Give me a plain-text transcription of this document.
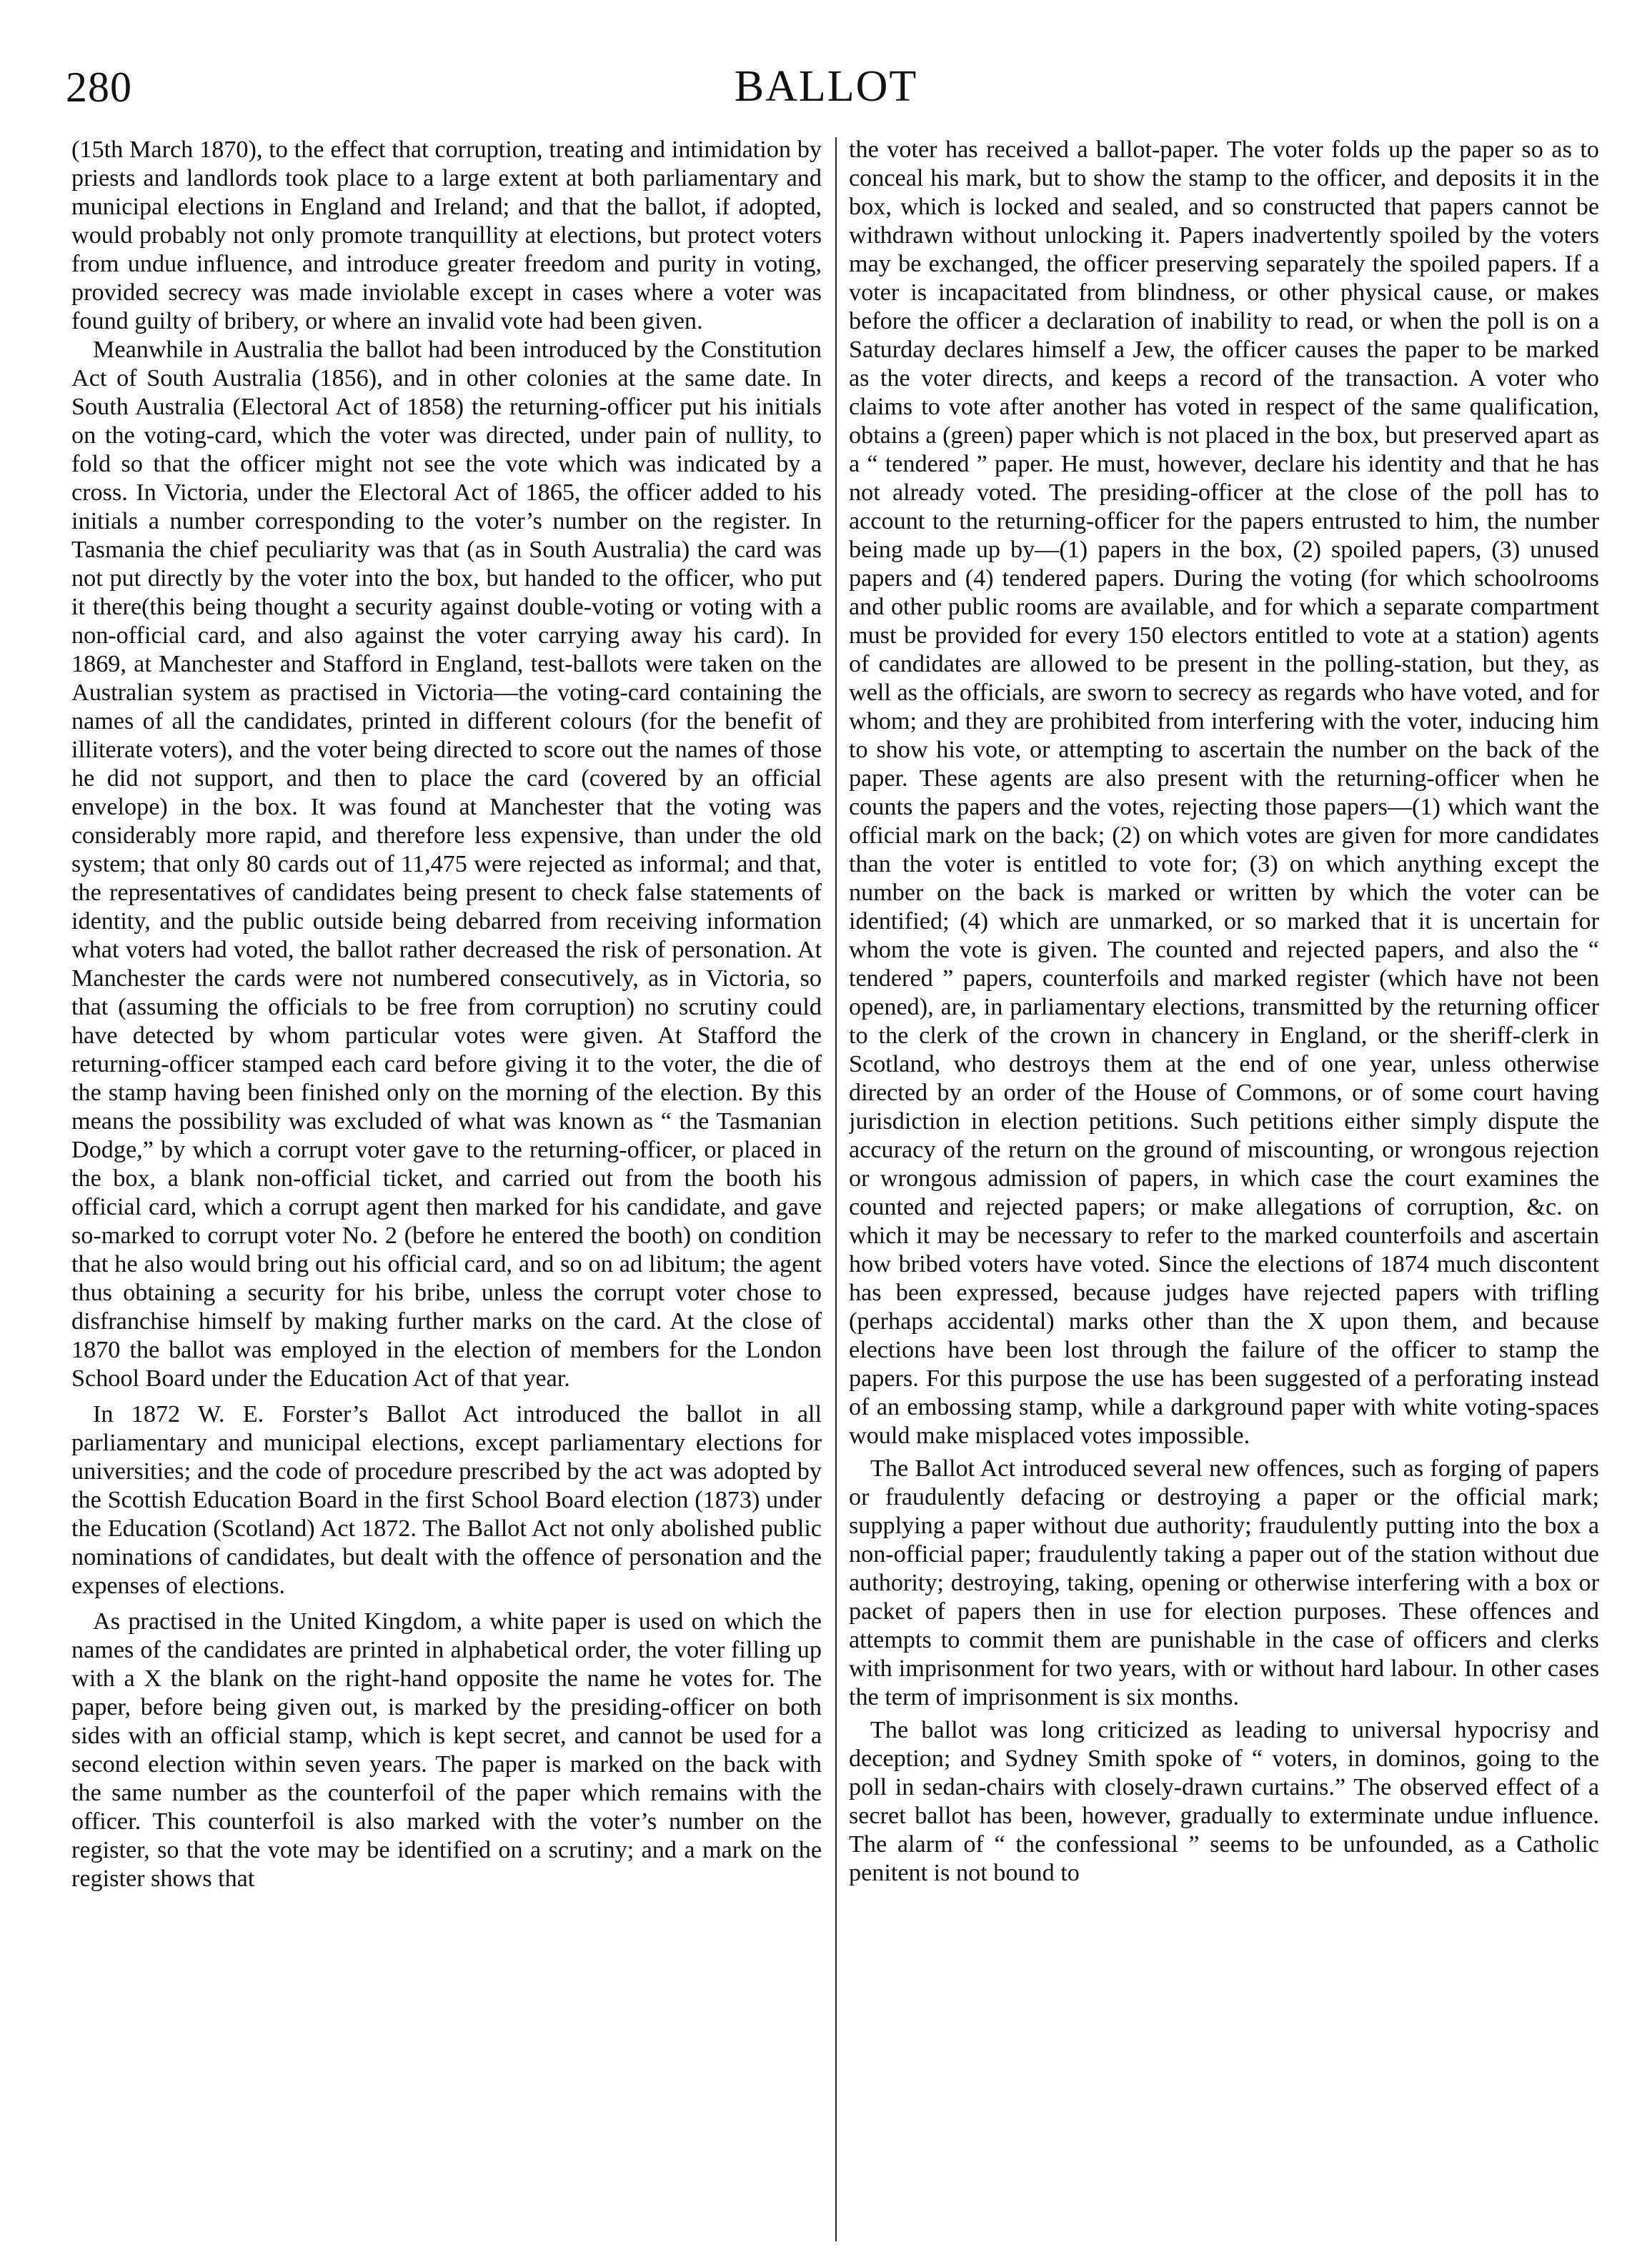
280	BALLOT

(15th March 1870), to the effect that corruption, treating and intimidation by priests and landlords took place to a large extent at both parliamentary and municipal elections in England and Ireland; and that the ballot, if adopted, would probably not only promote tranquillity at elections, but protect voters from undue influence, and introduce greater freedom and purity in voting, provided secrecy was made inviolable except in cases where a voter was found guilty of bribery, or where an invalid vote had been given.

Meanwhile in Australia the ballot had been introduced by the Constitution Act of South Australia (1856), and in other colonies at the same date. In South Australia (Electoral Act of 1858) the returning-officer put his initials on the voting-card, which the voter was directed, under pain of nullity, to fold so that the officer might not see the vote which was indicated by a cross. In Victoria, under the Electoral Act of 1865, the officer added to his initials a number corresponding to the voter’s number on the register. In Tasmania the chief peculiarity was that (as in South Australia) the card was not put directly by the voter into the box, but handed to the officer, who put it there(this being thought a security against double-voting or voting with a non-official card, and also against the voter carrying away his card). In 1869, at Manchester and Stafford in England, test-ballots were taken on the Australian system as practised in Victoria—the voting-card containing the names of all the candidates, printed in different colours (for the benefit of illiterate voters), and the voter being directed to score out the names of those he did not support, and then to place the card (covered by an official envelope) in the box. It was found at Manchester that the voting was considerably more rapid, and therefore less expensive, than under the old system; that only 80 cards out of 11,475 were rejected as informal; and that, the representatives of candidates being present to check false statements of identity, and the public outside being debarred from receiving information what voters had voted, the ballot rather decreased the risk of personation. At Manchester the cards were not numbered consecutively, as in Victoria, so that (assuming the officials to be free from corruption) no scrutiny could have detected by whom particular votes were given. At Stafford the returning-officer stamped each card before giving it to the voter, the die of the stamp having been finished only on the morning of the election. By this means the possibility was excluded of what was known as “ the Tasmanian Dodge,” by which a corrupt voter gave to the returning-officer, or placed in the box, a blank non-official ticket, and carried out from the booth his official card, which a corrupt agent then marked for his candidate, and gave so-marked to corrupt voter No. 2 (before he entered the booth) on condition that he also would bring out his official card, and so on ad libitum; the agent thus obtaining a security for his bribe, unless the corrupt voter chose to disfranchise himself by making further marks on the card. At the close of 1870 the ballot was employed in the election of members for the London School Board under the Education Act of that year.

In 1872 W. E. Forster’s Ballot Act introduced the ballot in all parliamentary and municipal elections, except parliamentary elections for universities; and the code of procedure prescribed by the act was adopted by the Scottish Education Board in the first School Board election (1873) under the Education (Scotland) Act 1872. The Ballot Act not only abolished public nominations of candidates, but dealt with the offence of personation and the expenses of elections.

As practised in the United Kingdom, a white paper is used on which the names of the candidates are printed in alphabetical order, the voter filling up with a X the blank on the right-hand opposite the name he votes for. The paper, before being given out, is marked by the presiding-officer on both sides with an official stamp, which is kept secret, and cannot be used for a second election within seven years. The paper is marked on the back with the same number as the counterfoil of the paper which remains with the officer. This counterfoil is also marked with the voter’s number on the register, so that the vote may be identified on a scrutiny; and a mark on the register shows that

the voter has received a ballot-paper. The voter folds up the paper so as to conceal his mark, but to show the stamp to the officer, and deposits it in the box, which is locked and sealed, and so constructed that papers cannot be withdrawn without unlocking it. Papers inadvertently spoiled by the voters may be exchanged, the officer preserving separately the spoiled papers. If a voter is incapacitated from blindness, or other physical cause, or makes before the officer a declaration of inability to read, or when the poll is on a Saturday declares himself a Jew, the officer causes the paper to be marked as the voter directs, and keeps a record of the transaction. A voter who claims to vote after another has voted in respect of the same qualification, obtains a (green) paper which is not placed in the box, but preserved apart as a “ tendered ” paper. He must, however, declare his identity and that he has not already voted. The presiding-officer at the close of the poll has to account to the returning-officer for the papers entrusted to him, the number being made up by—(1) papers in the box, (2) spoiled papers, (3) unused papers and (4) tendered papers. During the voting (for which schoolrooms and other public rooms are available, and for which a separate compartment must be provided for every 150 electors entitled to vote at a station) agents of candidates are allowed to be present in the polling-station, but they, as well as the officials, are sworn to secrecy as regards who have voted, and for whom; and they are prohibited from interfering with the voter, inducing him to show his vote, or attempting to ascertain the number on the back of the paper. These agents are also present with the returning-officer when he counts the papers and the votes, rejecting those papers—(1) which want the official mark on the back; (2) on which votes are given for more candidates than the voter is entitled to vote for; (3) on which anything except the number on the back is marked or written by which the voter can be identified; (4) which are unmarked, or so marked that it is uncertain for whom the vote is given. The counted and rejected papers, and also the “ tendered ” papers, counterfoils and marked register (which have not been opened), are, in parliamentary elections, transmitted by the returning officer to the clerk of the crown in chancery in England, or the sheriff-clerk in Scotland, who destroys them at the end of one year, unless otherwise directed by an order of the House of Commons, or of some court having jurisdiction in election petitions. Such petitions either simply dispute the accuracy of the return on the ground of miscounting, or wrongous rejection or wrongous admission of papers, in which case the court examines the counted and rejected papers; or make allegations of corruption, &c. on which it may be necessary to refer to the marked counterfoils and ascertain how bribed voters have voted. Since the elections of 1874 much discontent has been expressed, because judges have rejected papers with trifling (perhaps accidental) marks other than the X upon them, and because elections have been lost through the failure of the officer to stamp the papers. For this purpose the use has been suggested of a perforating instead of an embossing stamp, while a darkground paper with white voting-spaces would make misplaced votes impossible.

The Ballot Act introduced several new offences, such as forging of papers or fraudulently defacing or destroying a paper or the official mark; supplying a paper without due authority; fraudulently putting into the box a non-official paper; fraudulently taking a paper out of the station without due authority; destroying, taking, opening or otherwise interfering with a box or packet of papers then in use for election purposes. These offences and attempts to commit them are punishable in the case of officers and clerks with imprisonment for two years, with or without hard labour. In other cases the term of imprisonment is six months.

The ballot was long criticized as leading to universal hypocrisy and deception; and Sydney Smith spoke of “ voters, in dominos, going to the poll in sedan-chairs with closely-drawn curtains.” The observed effect of a secret ballot has been, however, gradually to exterminate undue influence. The alarm of “ the confessional ” seems to be unfounded, as a Catholic penitent is not bound to
